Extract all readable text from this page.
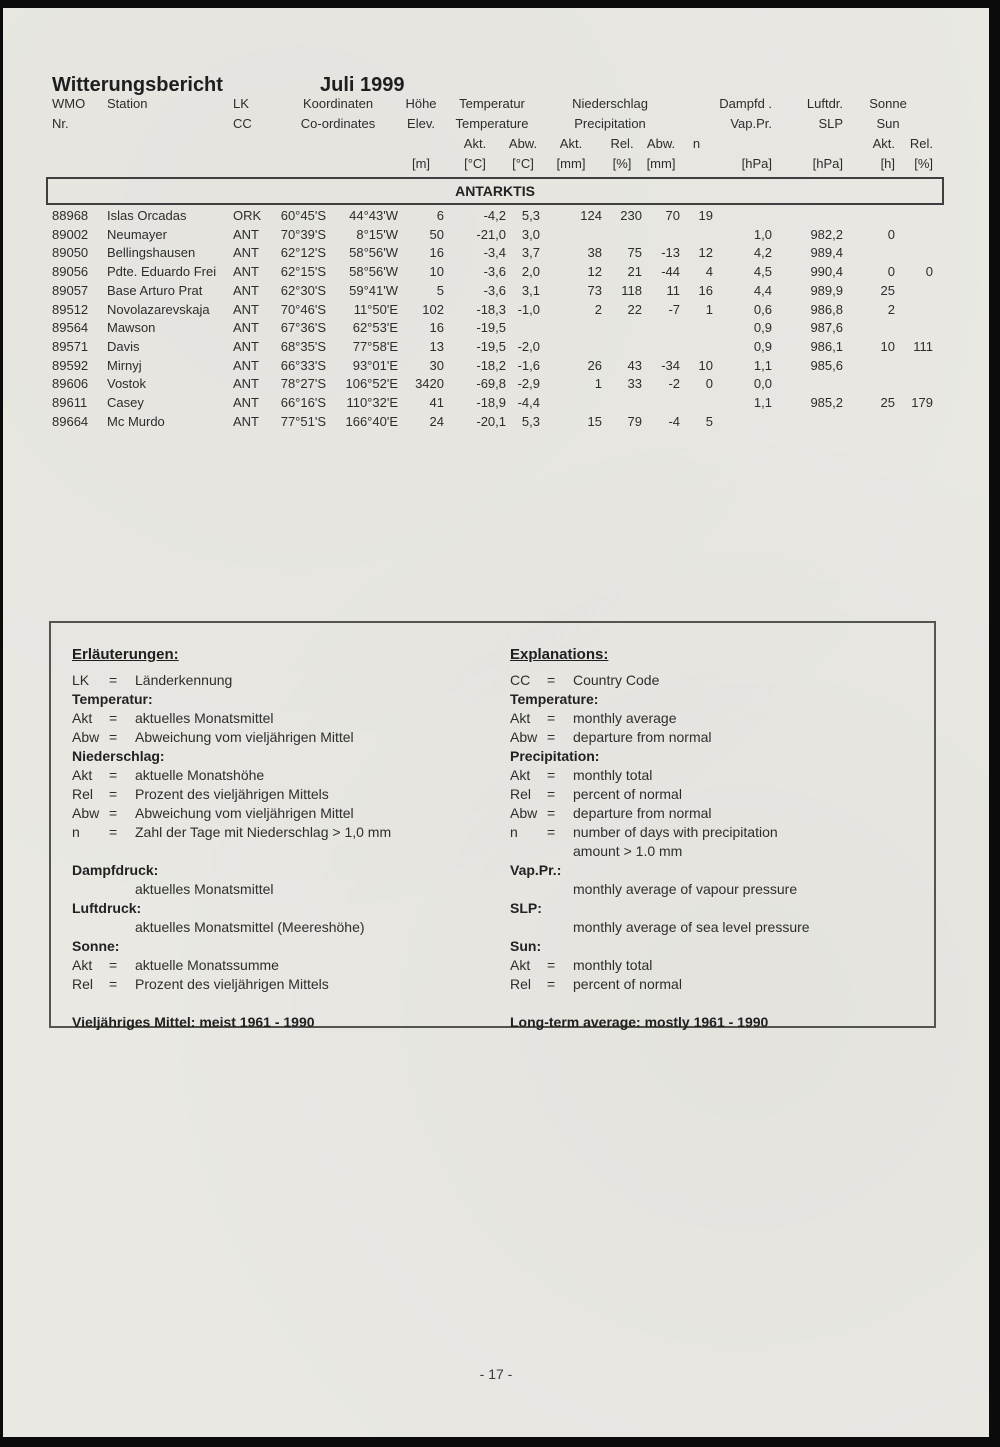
Witterungsbericht	Juli 1999
WMO	Station	LK	Koordinaten	Höhe	Temperatur		Niederschlag				Dampfd .	Luftdr.	Sonne	
Nr.		CC	Co-ordinates	Elev.	Temperature		Precipitation				Vap.Pr.	SLP	Sun	
					Akt.	Abw.	Akt.	Rel.	Abw.	n			Akt.	Rel.
				[m]	[°C]	[°C]	[mm]	[%]	[mm]		[hPa]	[hPa]	[h]	[%]
ANTARKTIS
88968	Islas Orcadas	ORK	60°45'S	44°43'W	6	-4,2	5,3	124	230	70	19				
89002	Neumayer	ANT	70°39'S	8°15'W	50	-21,0	3,0					1,0	982,2	0	
89050	Bellingshausen	ANT	62°12'S	58°56'W	16	-3,4	3,7	38	75	-13	12	4,2	989,4		
89056	Pdte. Eduardo Frei	ANT	62°15'S	58°56'W	10	-3,6	2,0	12	21	-44	4	4,5	990,4	0	0
89057	Base Arturo Prat	ANT	62°30'S	59°41'W	5	-3,6	3,1	73	118	11	16	4,4	989,9	25	
89512	Novolazarevskaja	ANT	70°46'S	11°50'E	102	-18,3	-1,0	2	22	-7	1	0,6	986,8	2	
89564	Mawson	ANT	67°36'S	62°53'E	16	-19,5						0,9	987,6		
89571	Davis	ANT	68°35'S	77°58'E	13	-19,5	-2,0					0,9	986,1	10	111
89592	Mirnyj	ANT	66°33'S	93°01'E	30	-18,2	-1,6	26	43	-34	10	1,1	985,6		
89606	Vostok	ANT	78°27'S	106°52'E	3420	-69,8	-2,9	1	33	-2	0	0,0			
89611	Casey	ANT	66°16'S	110°32'E	41	-18,9	-4,4					1,1	985,2	25	179
89664	Mc Murdo	ANT	77°51'S	166°40'E	24	-20,1	5,3	15	79	-4	5				
Erläuterungen:
LK = Länderkennung
Temperatur:
Akt = aktuelles Monatsmittel
Abw = Abweichung vom vieljährigen Mittel
Niederschlag:
Akt = aktuelle Monatshöhe
Rel = Prozent des vieljährigen Mittels
Abw = Abweichung vom vieljährigen Mittel
n = Zahl der Tage mit Niederschlag > 1,0 mm
Dampfdruck:
aktuelles Monatsmittel
Luftdruck:
aktuelles Monatsmittel (Meereshöhe)
Sonne:
Akt = aktuelle Monatssumme
Rel = Prozent des vieljährigen Mittels
Vieljähriges Mittel: meist 1961 - 1990
Explanations:
CC = Country Code
Temperature:
Akt = monthly average
Abw = departure from normal
Precipitation:
Akt = monthly total
Rel = percent of normal
Abw = departure from normal
n = number of days with precipitation
amount > 1.0 mm
Vap.Pr.:
monthly average of vapour pressure
SLP:
monthly average of sea level pressure
Sun:
Akt = monthly total
Rel = percent of normal
Long-term average: mostly 1961 - 1990
- 17 -
